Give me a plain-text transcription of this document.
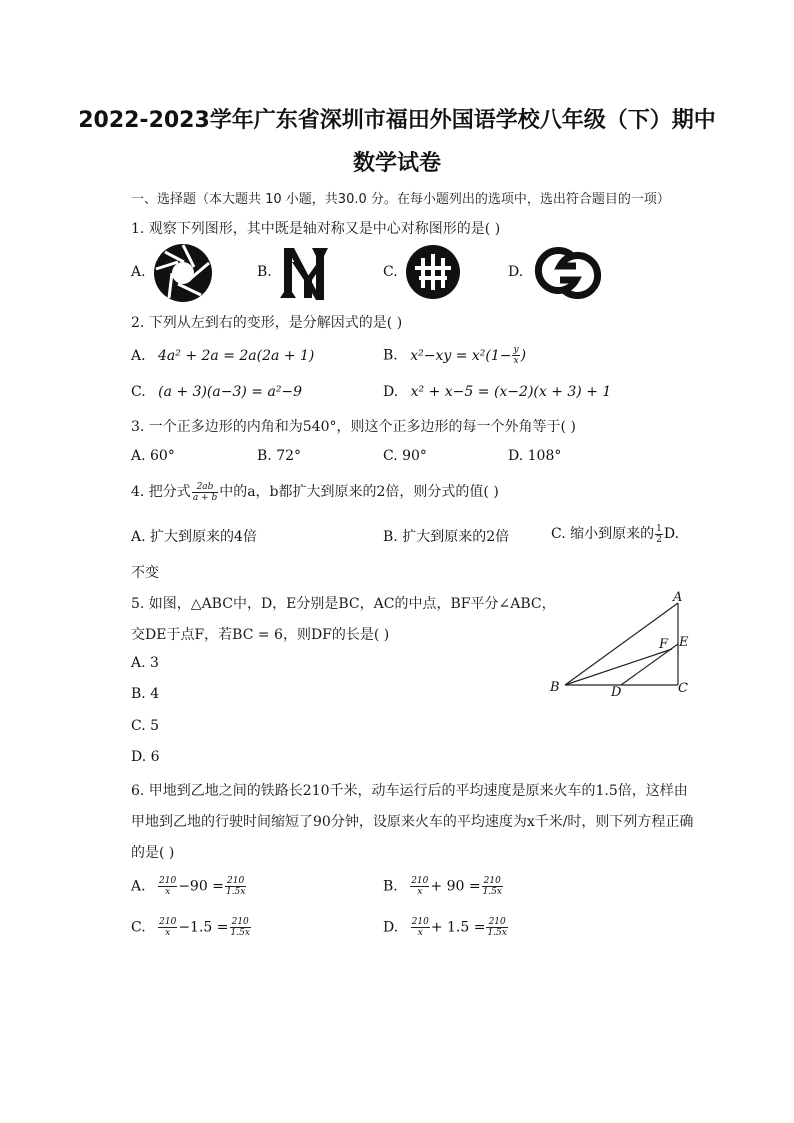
2022-2023学年广东省深圳市福田外国语学校八年级（下）期中
数学试卷
一、选择题（本大题共 10 小题，共30.0 分。在每小题列出的选项中，选出符合题目的一项）
1. 观察下列图形，其中既是轴对称又是中心对称图形的是( )
A.	B.	C.	D.
2. 下列从左到右的变形，是分解因式的是( )
A. 4a² + 2a = 2a(2a + 1)	B. $x^2-xy = x^2(1- \frac{y}{x}$ )
C. (a + 3)(a−3) = a²−9	D. x² + x−5 = (x−2)(x + 3) + 1
3. 一个正多边形的内角和为540°，则这个正多边形的每一个外角等于( )
A. 60°	B. 72°	C. 90°	D. 108°
4. 把分式 $\frac{2ab}{a + b}$ 中的a，b都扩大到原来的2倍，则分式的值( )
A. 扩大到原来的4倍	B. 扩大到原来的2倍	C. 缩小到原来的 $\frac{1}{2} D$.
不变
5. 如图，△ABC中，D，E分别是BC，AC的中点，BF平分∠ABC，
交DE于点F，若BC = 6，则DF的长是( )
A. 3
B. 4
C. 5
D. 6
A
B	C
D
E
F
6. 甲地到乙地之间的铁路长210千米，动车运行后的平均速度是原来火车的1.5倍，这样由
甲地到乙地的行驶时间缩短了90分钟，设原来火车的平均速度为x千米/时，则下列方程正确
的是( )
A. $\frac{210}{x} -90 = \frac{210}{1.5x}$	B. $\frac{210}{x} + 90 = \frac{210}{1.5x}$
C. $\frac{210}{x} -1.5 = \frac{210}{1.5x}$	D. $\frac{210}{x} + 1.5 = \frac{210}{1.5x}$
